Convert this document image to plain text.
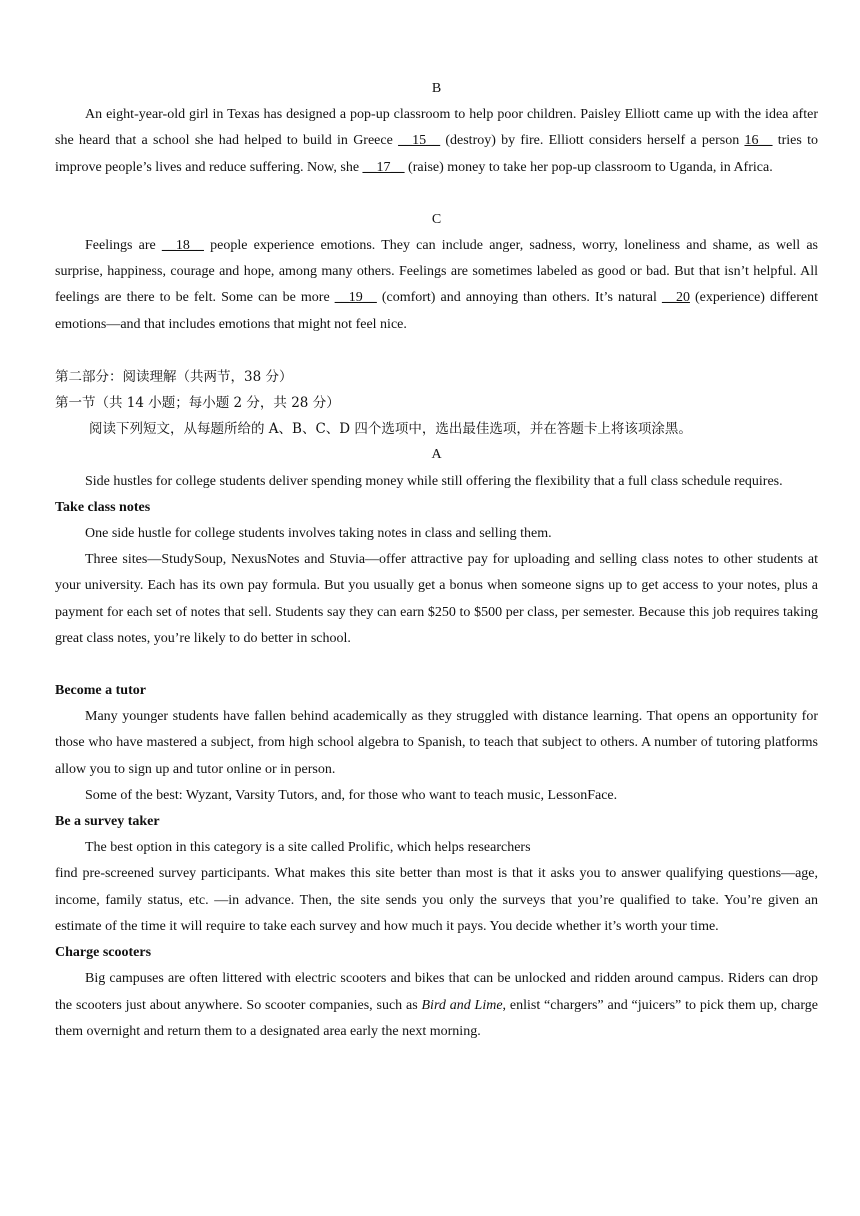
B

An eight-year-old girl in Texas has designed a pop-up classroom to help poor children. Paisley Elliott came up with the idea after she heard that a school she had helped to build in Greece __15__ (destroy) by fire. Elliott considers herself a person 16__ tries to improve people’s lives and reduce suffering. Now, she __17__ (raise) money to take her pop-up classroom to Uganda, in Africa.

C

Feelings are __18__ people experience emotions. They can include anger, sadness, worry, loneliness and shame, as well as surprise, happiness, courage and hope, among many others. Feelings are sometimes labeled as good or bad. But that isn’t helpful. All feelings are there to be felt. Some can be more __19__ (comfort) and annoying than others. It’s natural __20 (experience) different emotions—and that includes emotions that might not feel nice.

第二部分：阅读理解（共两节，38 分）

第一节（共 14 小题；每小题 2 分，共 28 分）

阅读下列短文，从每题所给的 A、B、C、D 四个选项中，选出最佳选项，并在答题卡上将该项涂黑。

A

Side hustles for college students deliver spending money while still offering the flexibility that a full class schedule requires.

Take class notes

One side hustle for college students involves taking notes in class and selling them.

Three sites—StudySoup, NexusNotes and Stuvia—offer attractive pay for uploading and selling class notes to other students at your university. Each has its own pay formula. But you usually get a bonus when someone signs up to get access to your notes, plus a payment for each set of notes that sell. Students say they can earn $250 to $500 per class, per semester. Because this job requires taking great class notes, you’re likely to do better in school.

Become a tutor

Many younger students have fallen behind academically as they struggled with distance learning. That opens an opportunity for those who have mastered a subject, from high school algebra to Spanish, to teach that subject to others. A number of tutoring platforms allow you to sign up and tutor online or in person.

Some of the best: Wyzant, Varsity Tutors, and, for those who want to teach music, LessonFace.

Be a survey taker

The best option in this category is a site called Prolific, which helps researchers

find pre-screened survey participants. What makes this site better than most is that it asks you to answer qualifying questions—age, income, family status, etc. —in advance. Then, the site sends you only the surveys that you’re qualified to take. You’re given an estimate of the time it will require to take each survey and how much it pays. You decide whether it’s worth your time.

Charge scooters

Big campuses are often littered with electric scooters and bikes that can be unlocked and ridden around campus. Riders can drop the scooters just about anywhere. So scooter companies, such as Bird and Lime, enlist “chargers” and “juicers” to pick them up, charge them overnight and return them to a designated area early the next morning.
